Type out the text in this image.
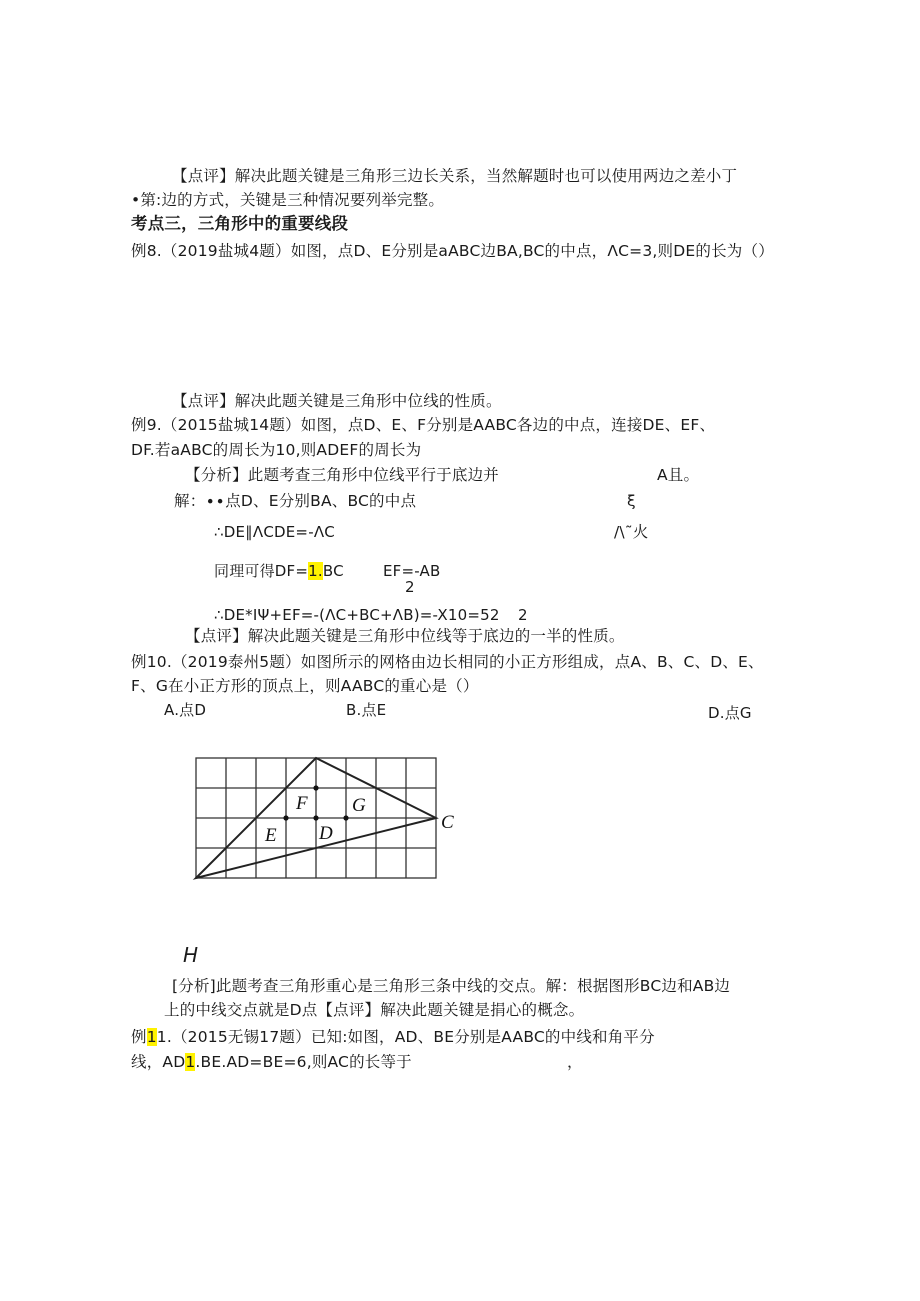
【点评】解决此题关键是三角形三边长关系，当然解题时也可以使用两边之差小丁
•第:边的方式，关键是三种情况要列举完整。
考点三，三角形中的重要线段
例8.（2019盐城4题）如图，点D、E分别是aABC边BA,BC的中点，ΛC=3,则DE的长为（）
【点评】解决此题关键是三角形中位线的性质。
例9.（2015盐城14题）如图，点D、E、F分别是AABC各边的中点，连接DE、EF、
DF.若aABC的周长为10,则ADEF的周长为
【分析】此题考查三角形中位线平行于底边并	A且。
解：∙∙点D、E分别BA、BC的中点	ξ
∴DE∥ΛCDE=-ΛC	/\˜火
同理可得DF=1.BC	EF=-AB
2
∴DE*IΨ+EF=-(ΛC+BC+ΛB)=-X10=52 2
【点评】解决此题关键是三角形中位线等于底边的一半的性质。
例10.（2019泰州5题）如图所示的网格由边长相同的小正方形组成，点A、B、C、D、E、
F、G在小正方形的顶点上，则AABC的重心是（）
A.点D	B.点E	D.点G
F G
E D
C
H
[分析]此题考查三角形重心是三角形三条中线的交点。解：根据图形BC边和AB边
上的中线交点就是D点【点评】解决此题关键是捐心的概念。
例11.（2015无锡17题）已知:如图，AD、BE分别是AABC的中线和角平分
线，AD1.BE.AD=BE=6,则AC的长等于	，
